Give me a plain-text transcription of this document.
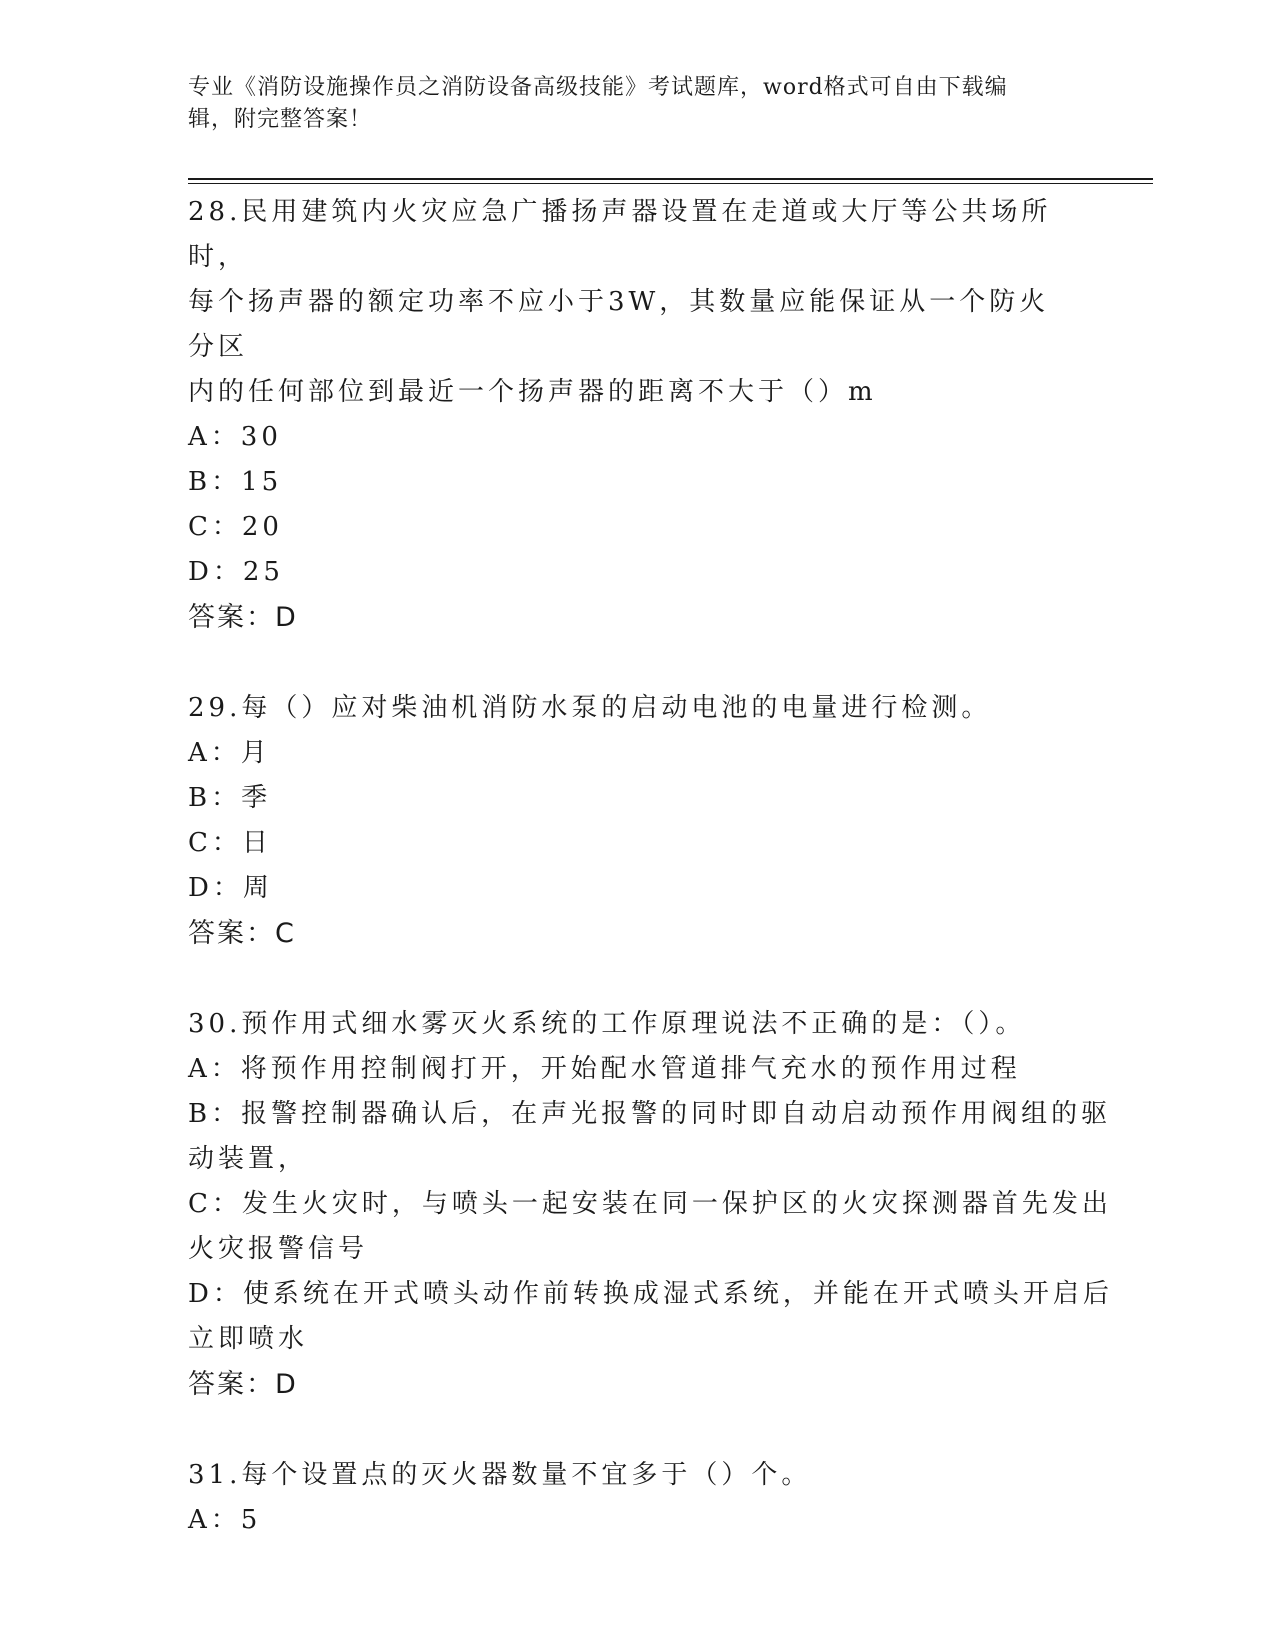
专业《消防设施操作员之消防设备高级技能》考试题库，word格式可自由下载编
辑，附完整答案！
28.民用建筑内火灾应急广播扬声器设置在走道或大厅等公共场所时，
每个扬声器的额定功率不应小于3W，其数量应能保证从一个防火分区
内的任何部位到最近一个扬声器的距离不大于（）m
A：30
B：15
C：20
D：25
答案：D
29.每（）应对柴油机消防水泵的启动电池的电量进行检测。
A：月
B：季
C：日
D：周
答案：C
30.预作用式细水雾灭火系统的工作原理说法不正确的是：（）。
A：将预作用控制阀打开，开始配水管道排气充水的预作用过程
B：报警控制器确认后，在声光报警的同时即自动启动预作用阀组的驱
动装置，
C：发生火灾时，与喷头一起安装在同一保护区的火灾探测器首先发出
火灾报警信号
D：使系统在开式喷头动作前转换成湿式系统，并能在开式喷头开启后
立即喷水
答案：D
31.每个设置点的灭火器数量不宜多于（）个。
A：5
